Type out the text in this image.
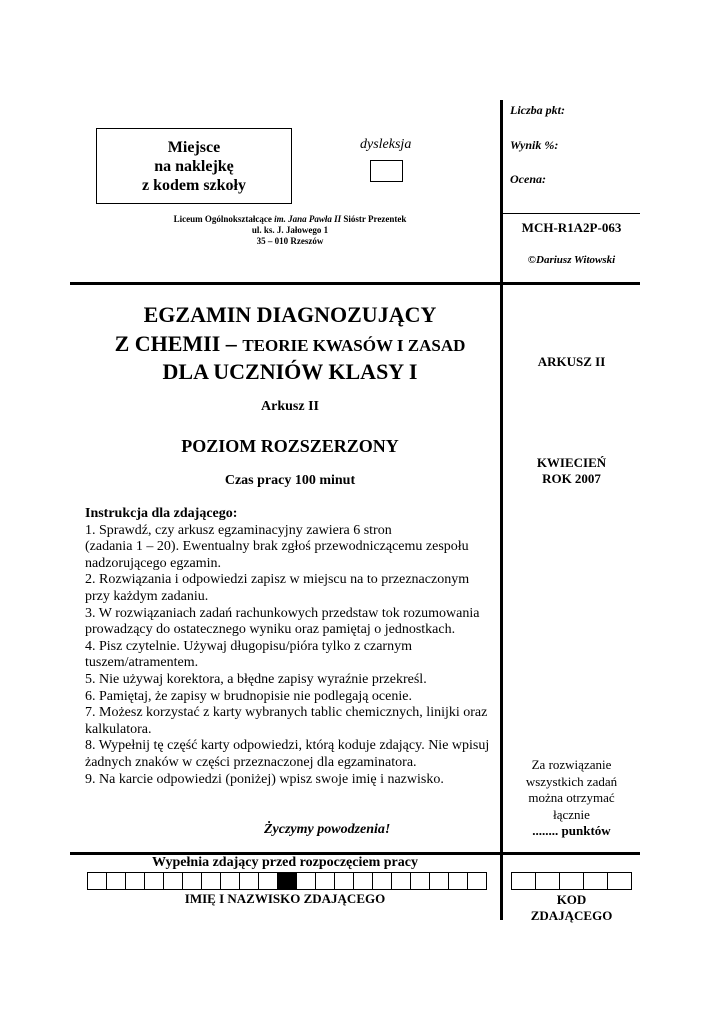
Miejsce
na naklejkę
z kodem szkoły
dysleksja
Liceum Ogólnokształcące im. Jana Pawła II Sióstr Prezentek
ul. ks. J. Jałowego 1
35 – 010 Rzeszów
Liczba pkt:
Wynik %:
Ocena:
MCH-R1A2P-063
©Dariusz Witowski
ARKUSZ II
KWIECIEŃ
ROK 2007
Za rozwiązanie
wszystkich zadań
można otrzymać
łącznie
........ punktów
EGZAMIN DIAGNOZUJĄCY
Z CHEMII – TEORIE KWASÓW I ZASAD
DLA UCZNIÓW KLASY I
Arkusz II
POZIOM ROZSZERZONY
Czas pracy 100 minut
Instrukcja dla zdającego:
1. Sprawdź, czy arkusz egzaminacyjny zawiera 6 stron
(zadania 1 – 20). Ewentualny brak zgłoś przewodniczącemu zespołu nadzorującego egzamin.
2. Rozwiązania i odpowiedzi zapisz w miejscu na to przeznaczonym przy każdym zadaniu.
3. W rozwiązaniach zadań rachunkowych przedstaw tok rozumowania prowadzący do ostatecznego wyniku oraz pamiętaj o jednostkach.
4. Pisz czytelnie. Używaj długopisu/pióra tylko z czarnym tuszem/atramentem.
5. Nie używaj korektora, a błędne zapisy wyraźnie przekreśl.
6. Pamiętaj, że zapisy w brudnopisie nie podlegają ocenie.
7. Możesz korzystać z karty wybranych tablic chemicznych, linijki oraz kalkulatora.
8. Wypełnij tę część karty odpowiedzi, którą koduje zdający. Nie wpisuj żadnych znaków w części przeznaczonej dla egzaminatora.
9. Na karcie odpowiedzi (poniżej) wpisz swoje imię i nazwisko.
Życzymy powodzenia!
Wypełnia zdający przed rozpoczęciem pracy
IMIĘ I NAZWISKO ZDAJĄCEGO	KOD
ZDAJĄCEGO
